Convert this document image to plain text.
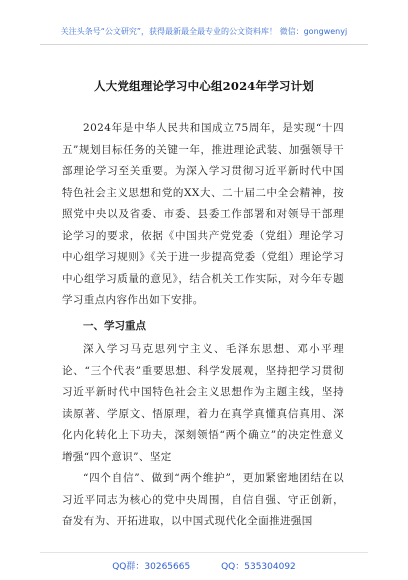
关注头条号“公文研究”，获得最新最全最专业的公文资料库！ 微信：gongwenyj
人大党组理论学习中心组2024年学习计划

2024年是中华人民共和国成立75周年，是实现“十四五”规划目标任务的关键一年，推进理论武装、加强领导干部理论学习至关重要。为深入学习贯彻习近平新时代中国特色社会主义思想和党的XX大、二十届二中全会精神，按照党中央以及省委、市委、县委工作部署和对领导干部理论学习的要求，依据《中国共产党党委（党组）理论学习中心组学习规则》《关于进一步提高党委（党组）理论学习中心组学习质量的意见》，结合机关工作实际，对今年专题学习重点内容作出如下安排。

一、学习重点

深入学习马克思列宁主义、毛泽东思想、邓小平理论、“三个代表”重要思想、科学发展观，坚持把学习贯彻习近平新时代中国特色社会主义思想作为主题主线，坚持读原著、学原文、悟原理，着力在真学真懂真信真用、深化内化转化上下功夫，深刻领悟“两个确立”的决定性意义增强“四个意识”、坚定

“四个自信”、做到“两个维护”，更加紧密地团结在以习近平同志为核心的党中央周围，自信自强、守正创新，奋发有为、开拓进取，以中国式现代化全面推进强国

QQ群：30265665	QQ：535304092
